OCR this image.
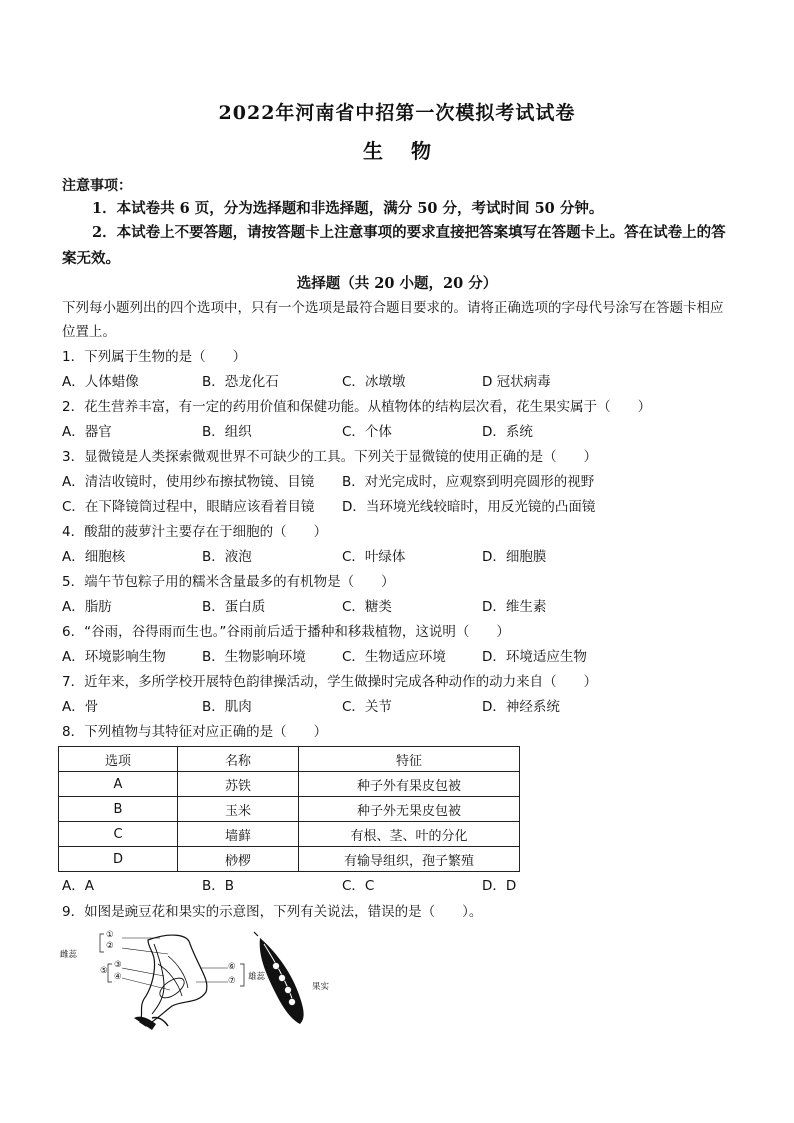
2022年河南省中招第一次模拟考试试卷
生 物
注意事项：
1．本试卷共 6 页，分为选择题和非选择题，满分 50 分，考试时间 50 分钟。
2．本试卷上不要答题，请按答题卡上注意事项的要求直接把答案填写在答题卡上。答在试卷上的答案无效。
选择题（共 20 小题，20 分）
下列每小题列出的四个选项中，只有一个选项是最符合题目要求的。请将正确选项的字母代号涂写在答题卡相应位置上。
1．下列属于生物的是（　　）
A．人体蜡像	B．恐龙化石	C．冰墩墩	D 冠状病毒
2．花生营养丰富，有一定的药用价值和保健功能。从植物体的结构层次看，花生果实属于（　　）
A．器官	B．组织	C．个体	D．系统
3．显微镜是人类探索微观世界不可缺少的工具。下列关于显微镜的使用正确的是（　　）
A．清洁收镜时，使用纱布擦拭物镜、目镜 B．对光完成时，应观察到明亮圆形的视野
C．在下降镜筒过程中，眼睛应该看着目镜 D．当环境光线较暗时，用反光镜的凸面镜
4．酸甜的菠萝汁主要存在于细胞的（　　）
A．细胞核	B．液泡	C．叶绿体	D．细胞膜
5．端午节包粽子用的糯米含量最多的有机物是（　　）
A．脂肪	B．蛋白质	C．糖类	D．维生素
6．“谷雨，谷得雨而生也。”谷雨前后适于播种和移栽植物，这说明（　　）
A．环境影响生物	B．生物影响环境	C．生物适应环境	D．环境适应生物
7．近年来，多所学校开展特色韵律操活动，学生做操时完成各种动作的动力来自（　　）
A．骨	B．肌肉	C．关节	D．神经系统
8．下列植物与其特征对应正确的是（　　）
选项	名称	特征
A	苏铁	种子外有果皮包被
B	玉米	种子外无果皮包被
C	墙藓	有根、茎、叶的分化
D	桫椤	有输导组织，孢子繁殖
A．A	B．B	C．C	D．D
9．如图是豌豆花和果实的示意图，下列有关说法，错误的是（　　）。
雌蕊
①
②
③
④
⑤	⑥
⑦ 雄蕊
果实
